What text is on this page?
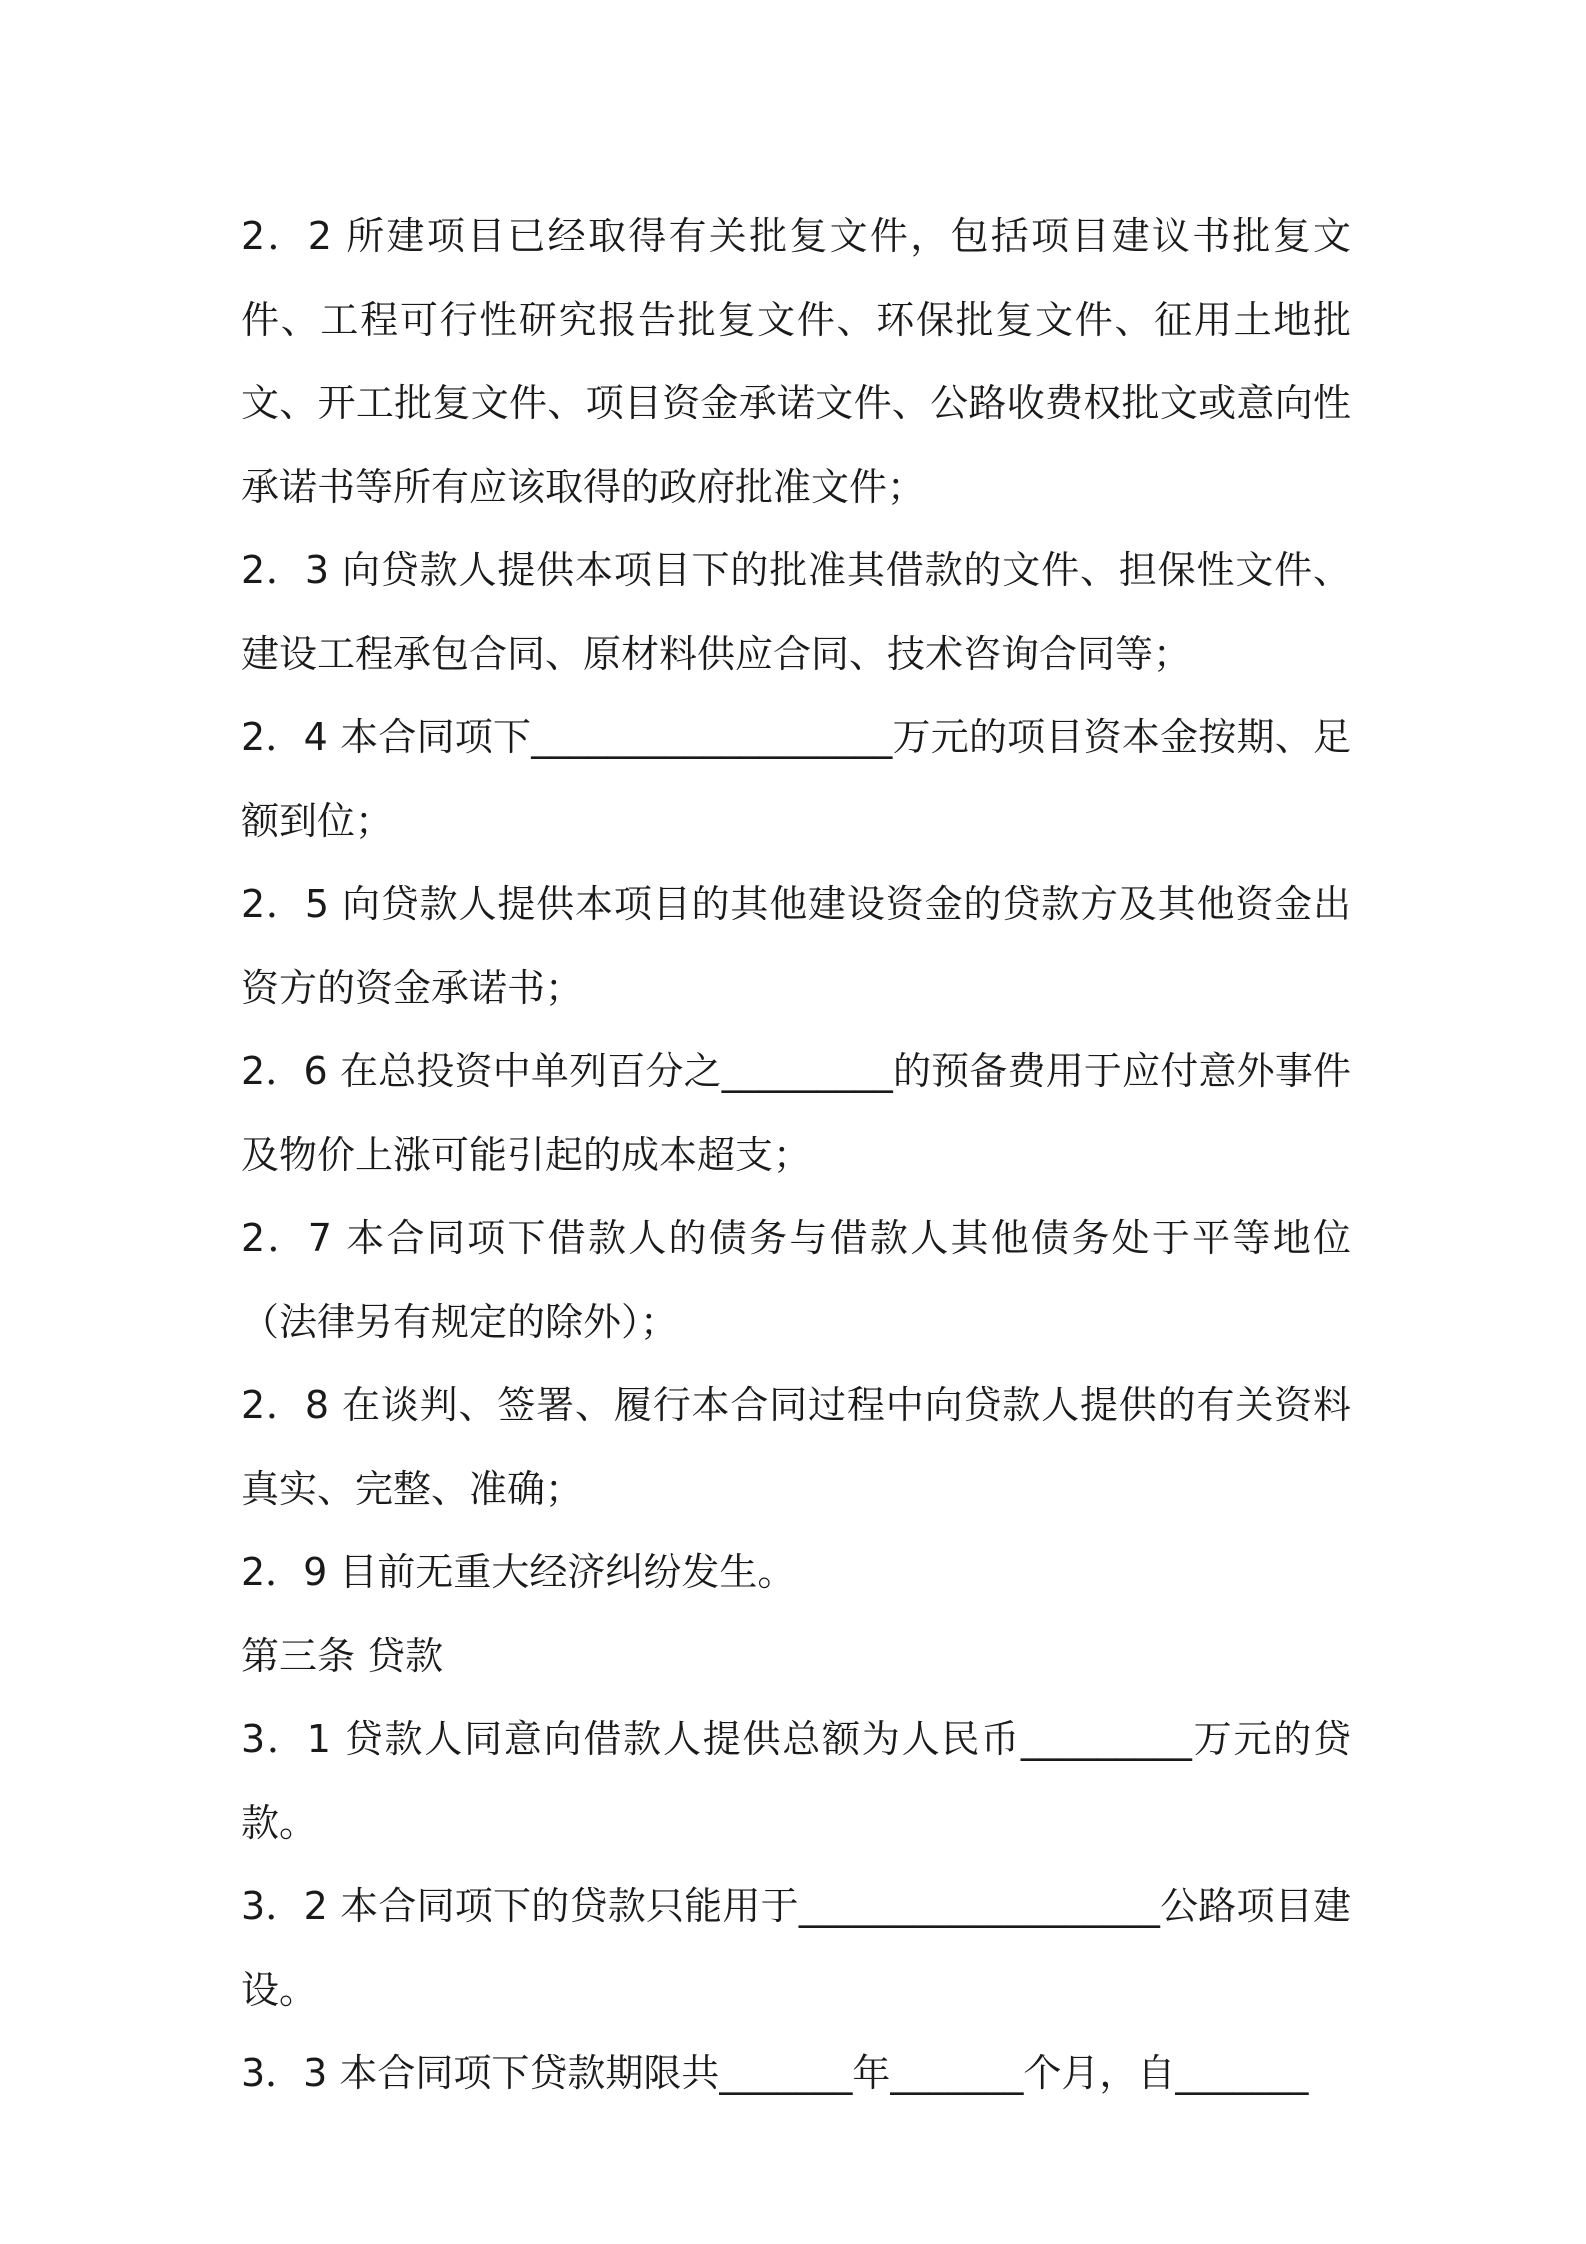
2．2 所建项目已经取得有关批复文件，包括项目建议书批复文件、工程可行性研究报告批复文件、环保批复文件、征用土地批文、开工批复文件、项目资金承诺文件、公路收费权批文或意向性承诺书等所有应该取得的政府批准文件；

2．3 向贷款人提供本项目下的批准其借款的文件、担保性文件、建设工程承包合同、原材料供应合同、技术咨询合同等；

2．4 本合同项下___________________万元的项目资本金按期、足额到位；

2．5 向贷款人提供本项目的其他建设资金的贷款方及其他资金出资方的资金承诺书；

2．6 在总投资中单列百分之_________的预备费用于应付意外事件及物价上涨可能引起的成本超支；

2．7 本合同项下借款人的债务与借款人其他债务处于平等地位（法律另有规定的除外）；

2．8 在谈判、签署、履行本合同过程中向贷款人提供的有关资料真实、完整、准确；

2．9 目前无重大经济纠纷发生。

第三条 贷款

3．1 贷款人同意向借款人提供总额为人民币_________万元的贷款。

3．2 本合同项下的贷款只能用于___________________公路项目建设。

3．3 本合同项下贷款期限共_______年_______个月，自_______
